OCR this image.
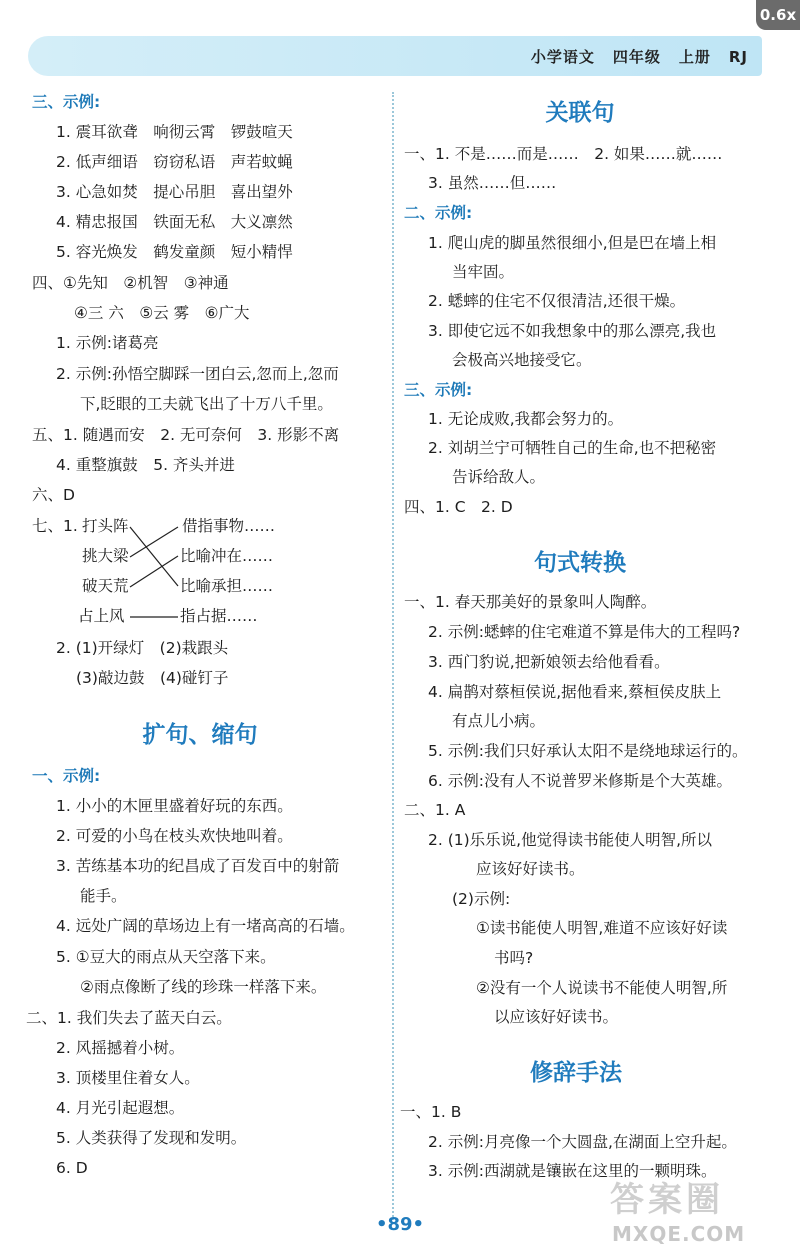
小学语文 四年级 上册 RJ
0.6x
三、示例:
1. 震耳欲聋　响彻云霄　锣鼓喧天
2. 低声细语　窃窃私语　声若蚊蝇
3. 心急如焚　提心吊胆　喜出望外
4. 精忠报国　铁面无私　大义凛然
5. 容光焕发　鹤发童颜　短小精悍
四、①先知　②机智　③神通
④三 六　⑤云 雾　⑥广大
1. 示例:诸葛亮
2. 示例:孙悟空脚踩一团白云,忽而上,忽而
下,眨眼的工夫就飞出了十万八千里。
五、1. 随遇而安　2. 无可奈何　3. 形影不离
4. 重整旗鼓　5. 齐头并进
六、D
七、1. 打头阵
挑大梁
破天荒
占上风
借指事物……
比喻冲在……
比喻承担……
指占据……
2. (1)开绿灯　(2)栽跟头
(3)敲边鼓　(4)碰钉子
扩句、缩句
一、示例:
1. 小小的木匣里盛着好玩的东西。
2. 可爱的小鸟在枝头欢快地叫着。
3. 苦练基本功的纪昌成了百发百中的射箭
能手。
4. 远处广阔的草场边上有一堵高高的石墙。
5. ①豆大的雨点从天空落下来。
②雨点像断了线的珍珠一样落下来。
二、1. 我们失去了蓝天白云。
2. 风摇撼着小树。
3. 顶楼里住着女人。
4. 月光引起遐想。
5. 人类获得了发现和发明。
6. D
关联句
一、1. 不是……而是……　2. 如果……就……
3. 虽然……但……
二、示例:
1. 爬山虎的脚虽然很细小,但是巴在墙上相
当牢固。
2. 蟋蟀的住宅不仅很清洁,还很干燥。
3. 即使它远不如我想象中的那么漂亮,我也
会极高兴地接受它。
三、示例:
1. 无论成败,我都会努力的。
2. 刘胡兰宁可牺牲自己的生命,也不把秘密
告诉给敌人。
四、1. C　2. D
句式转换
一、1. 春天那美好的景象叫人陶醉。
2. 示例:蟋蟀的住宅难道不算是伟大的工程吗?
3. 西门豹说,把新娘领去给他看看。
4. 扁鹊对蔡桓侯说,据他看来,蔡桓侯皮肤上
有点儿小病。
5. 示例:我们只好承认太阳不是绕地球运行的。
6. 示例:没有人不说普罗米修斯是个大英雄。
二、1. A
2. (1)乐乐说,他觉得读书能使人明智,所以
应该好好读书。
(2)示例:
①读书能使人明智,难道不应该好好读
书吗?
②没有一个人说读书不能使人明智,所
以应该好好读书。
修辞手法
一、1. B
2. 示例:月亮像一个大圆盘,在湖面上空升起。
3. 示例:西湖就是镶嵌在这里的一颗明珠。
•89•
答案圈
MXQE.COM
